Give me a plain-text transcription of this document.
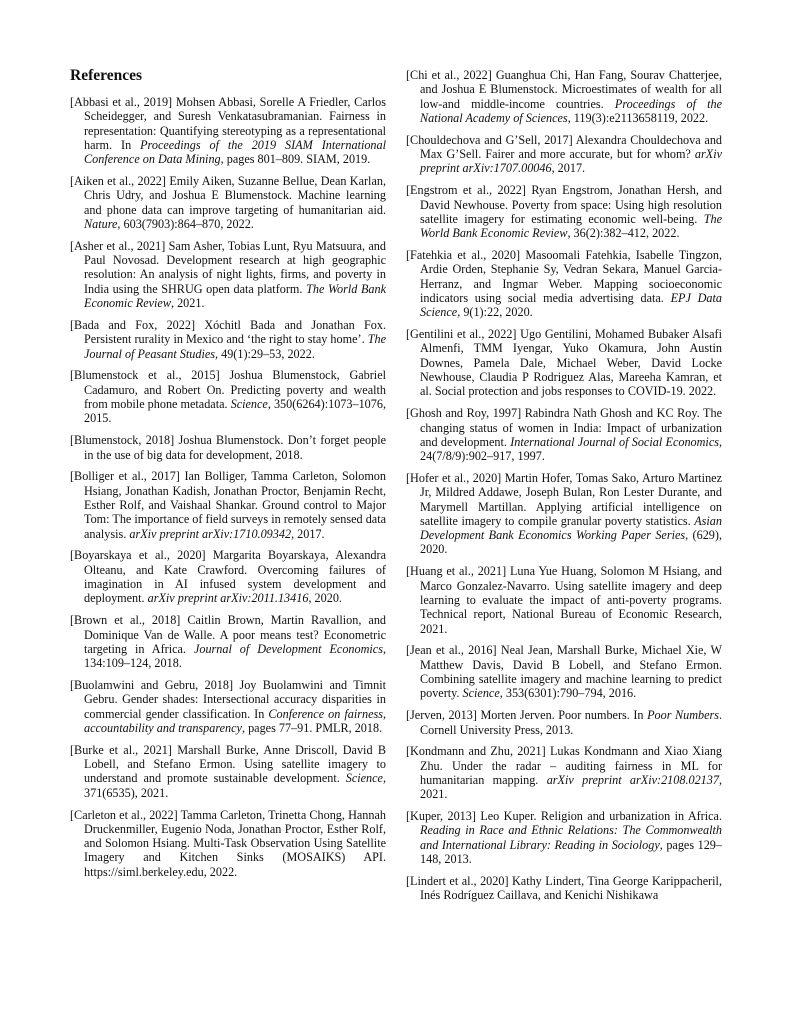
References
[Abbasi et al., 2019] Mohsen Abbasi, Sorelle A Friedler, Carlos Scheidegger, and Suresh Venkatasubramanian. Fairness in representation: Quantifying stereotyping as a representational harm. In Proceedings of the 2019 SIAM International Conference on Data Mining, pages 801–809. SIAM, 2019.
[Aiken et al., 2022] Emily Aiken, Suzanne Bellue, Dean Karlan, Chris Udry, and Joshua E Blumenstock. Machine learning and phone data can improve targeting of humanitarian aid. Nature, 603(7903):864–870, 2022.
[Asher et al., 2021] Sam Asher, Tobias Lunt, Ryu Matsuura, and Paul Novosad. Development research at high geographic resolution: An analysis of night lights, firms, and poverty in India using the SHRUG open data platform. The World Bank Economic Review, 2021.
[Bada and Fox, 2022] Xóchitl Bada and Jonathan Fox. Persistent rurality in Mexico and ‘the right to stay home’. The Journal of Peasant Studies, 49(1):29–53, 2022.
[Blumenstock et al., 2015] Joshua Blumenstock, Gabriel Cadamuro, and Robert On. Predicting poverty and wealth from mobile phone metadata. Science, 350(6264):1073–1076, 2015.
[Blumenstock, 2018] Joshua Blumenstock. Don’t forget people in the use of big data for development, 2018.
[Bolliger et al., 2017] Ian Bolliger, Tamma Carleton, Solomon Hsiang, Jonathan Kadish, Jonathan Proctor, Benjamin Recht, Esther Rolf, and Vaishaal Shankar. Ground control to Major Tom: The importance of field surveys in remotely sensed data analysis. arXiv preprint arXiv:1710.09342, 2017.
[Boyarskaya et al., 2020] Margarita Boyarskaya, Alexandra Olteanu, and Kate Crawford. Overcoming failures of imagination in AI infused system development and deployment. arXiv preprint arXiv:2011.13416, 2020.
[Brown et al., 2018] Caitlin Brown, Martin Ravallion, and Dominique Van de Walle. A poor means test? Econometric targeting in Africa. Journal of Development Economics, 134:109–124, 2018.
[Buolamwini and Gebru, 2018] Joy Buolamwini and Timnit Gebru. Gender shades: Intersectional accuracy disparities in commercial gender classification. In Conference on fairness, accountability and transparency, pages 77–91. PMLR, 2018.
[Burke et al., 2021] Marshall Burke, Anne Driscoll, David B Lobell, and Stefano Ermon. Using satellite imagery to understand and promote sustainable development. Science, 371(6535), 2021.
[Carleton et al., 2022] Tamma Carleton, Trinetta Chong, Hannah Druckenmiller, Eugenio Noda, Jonathan Proctor, Esther Rolf, and Solomon Hsiang. Multi-Task Observation Using Satellite Imagery and Kitchen Sinks (MOSAIKS) API. https://siml.berkeley.edu, 2022.
[Chi et al., 2022] Guanghua Chi, Han Fang, Sourav Chatterjee, and Joshua E Blumenstock. Microestimates of wealth for all low-and middle-income countries. Proceedings of the National Academy of Sciences, 119(3):e2113658119, 2022.
[Chouldechova and G’Sell, 2017] Alexandra Chouldechova and Max G’Sell. Fairer and more accurate, but for whom? arXiv preprint arXiv:1707.00046, 2017.
[Engstrom et al., 2022] Ryan Engstrom, Jonathan Hersh, and David Newhouse. Poverty from space: Using high resolution satellite imagery for estimating economic well-being. The World Bank Economic Review, 36(2):382–412, 2022.
[Fatehkia et al., 2020] Masoomali Fatehkia, Isabelle Tingzon, Ardie Orden, Stephanie Sy, Vedran Sekara, Manuel Garcia-Herranz, and Ingmar Weber. Mapping socioeconomic indicators using social media advertising data. EPJ Data Science, 9(1):22, 2020.
[Gentilini et al., 2022] Ugo Gentilini, Mohamed Bubaker Alsafi Almenfi, TMM Iyengar, Yuko Okamura, John Austin Downes, Pamela Dale, Michael Weber, David Locke Newhouse, Claudia P Rodriguez Alas, Mareeha Kamran, et al. Social protection and jobs responses to COVID-19. 2022.
[Ghosh and Roy, 1997] Rabindra Nath Ghosh and KC Roy. The changing status of women in India: Impact of urbanization and development. International Journal of Social Economics, 24(7/8/9):902–917, 1997.
[Hofer et al., 2020] Martin Hofer, Tomas Sako, Arturo Martinez Jr, Mildred Addawe, Joseph Bulan, Ron Lester Durante, and Marymell Martillan. Applying artificial intelligence on satellite imagery to compile granular poverty statistics. Asian Development Bank Economics Working Paper Series, (629), 2020.
[Huang et al., 2021] Luna Yue Huang, Solomon M Hsiang, and Marco Gonzalez-Navarro. Using satellite imagery and deep learning to evaluate the impact of anti-poverty programs. Technical report, National Bureau of Economic Research, 2021.
[Jean et al., 2016] Neal Jean, Marshall Burke, Michael Xie, W Matthew Davis, David B Lobell, and Stefano Ermon. Combining satellite imagery and machine learning to predict poverty. Science, 353(6301):790–794, 2016.
[Jerven, 2013] Morten Jerven. Poor numbers. In Poor Numbers. Cornell University Press, 2013.
[Kondmann and Zhu, 2021] Lukas Kondmann and Xiao Xiang Zhu. Under the radar – auditing fairness in ML for humanitarian mapping. arXiv preprint arXiv:2108.02137, 2021.
[Kuper, 2013] Leo Kuper. Religion and urbanization in Africa. Reading in Race and Ethnic Relations: The Commonwealth and International Library: Reading in Sociology, pages 129–148, 2013.
[Lindert et al., 2020] Kathy Lindert, Tina George Karippacheril, Inés Rodríguez Caillava, and Kenichi Nishikawa
